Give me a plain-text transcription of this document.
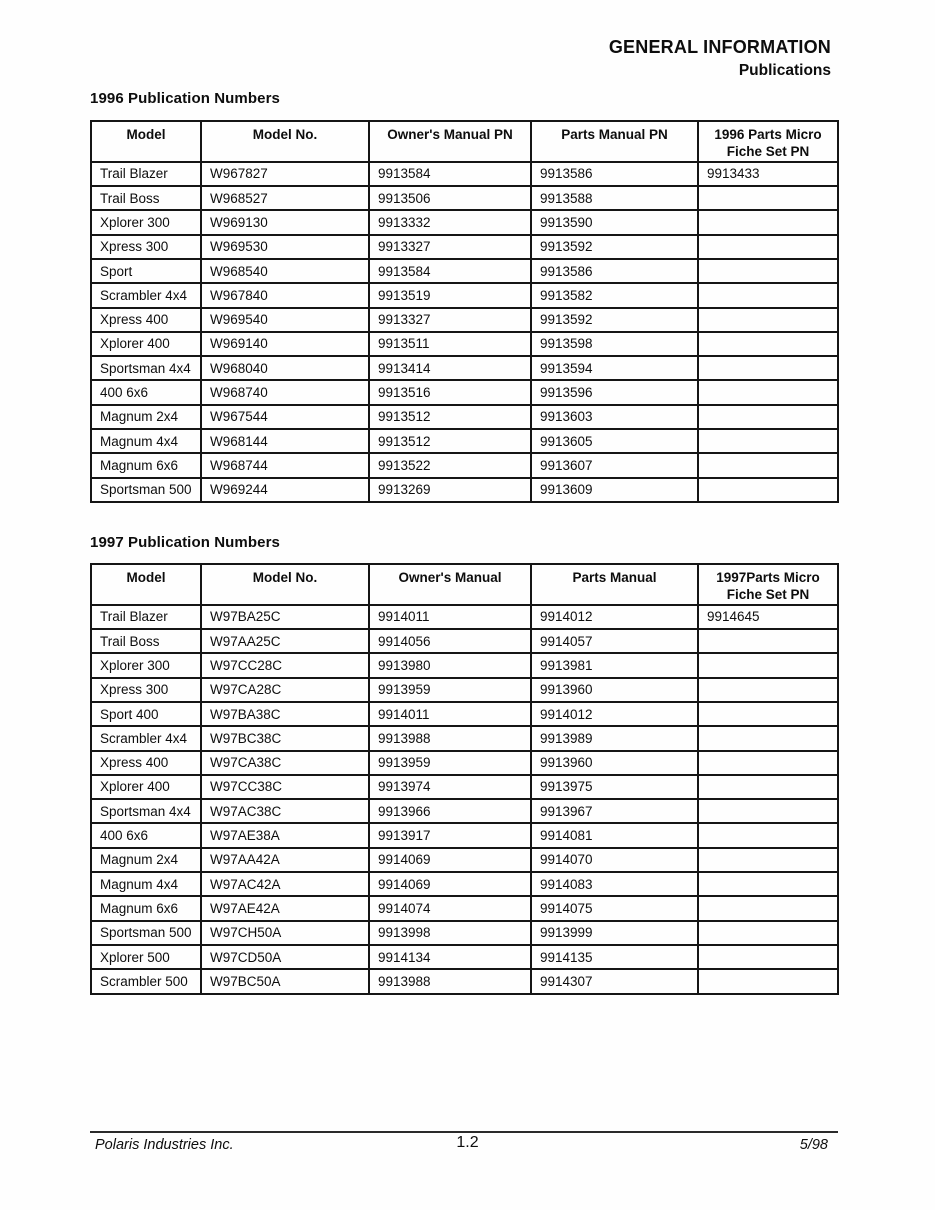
GENERAL INFORMATION
Publications
1996 Publication Numbers
Model	Model No.	Owner's Manual PN	Parts Manual PN	1996 Parts Micro Fiche Set PN
Trail Blazer	W967827	9913584	9913586	9913433
Trail Boss	W968527	9913506	9913588	
Xplorer 300	W969130	9913332	9913590	
Xpress 300	W969530	9913327	9913592	
Sport	W968540	9913584	9913586	
Scrambler 4x4	W967840	9913519	9913582	
Xpress 400	W969540	9913327	9913592	
Xplorer 400	W969140	9913511	9913598	
Sportsman 4x4	W968040	9913414	9913594	
400 6x6	W968740	9913516	9913596	
Magnum 2x4	W967544	9913512	9913603	
Magnum 4x4	W968144	9913512	9913605	
Magnum 6x6	W968744	9913522	9913607	
Sportsman 500	W969244	9913269	9913609	
1997 Publication Numbers
Model	Model No.	Owner's Manual	Parts Manual	1997Parts Micro Fiche Set PN
Trail Blazer	W97BA25C	9914011	9914012	9914645
Trail Boss	W97AA25C	9914056	9914057	
Xplorer 300	W97CC28C	9913980	9913981	
Xpress 300	W97CA28C	9913959	9913960	
Sport 400	W97BA38C	9914011	9914012	
Scrambler 4x4	W97BC38C	9913988	9913989	
Xpress 400	W97CA38C	9913959	9913960	
Xplorer 400	W97CC38C	9913974	9913975	
Sportsman 4x4	W97AC38C	9913966	9913967	
400 6x6	W97AE38A	9913917	9914081	
Magnum 2x4	W97AA42A	9914069	9914070	
Magnum 4x4	W97AC42A	9914069	9914083	
Magnum 6x6	W97AE42A	9914074	9914075	
Sportsman 500	W97CH50A	9913998	9913999	
Xplorer 500	W97CD50A	9914134	9914135	
Scrambler 500	W97BC50A	9913988	9914307	
Polaris Industries Inc.	1.2	5/98
